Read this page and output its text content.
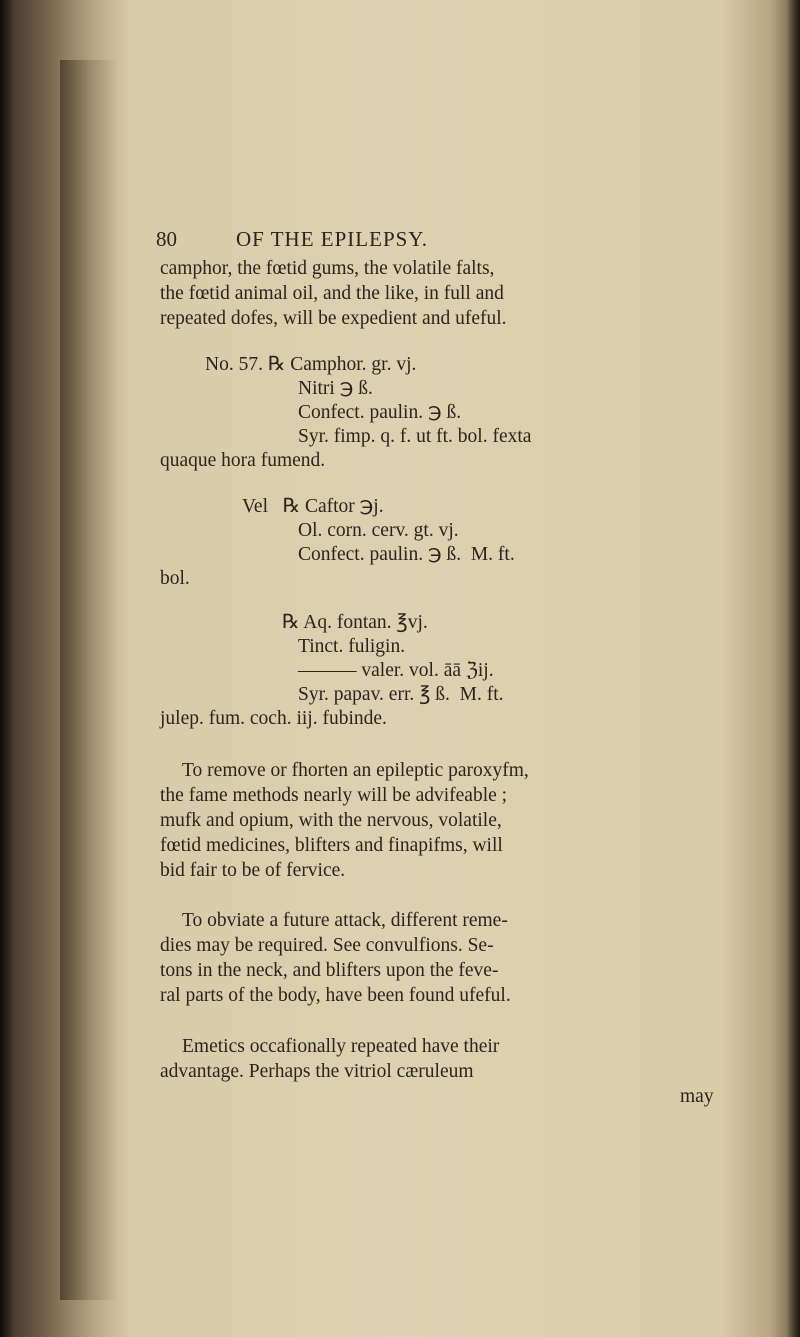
80	OF THE EPILEPSY.
camphor, the fœtid gums, the volatile falts,
the fœtid animal oil, and the like, in full and
repeated dofes, will be expedient and ufeful.
No. 57. ℞ Camphor. gr. vj.
Nitri ℈ ß.
Confect. paulin. ℈ ß.
Syr. fimp. q. f. ut ft. bol. fexta
quaque hora fumend.
Vel   ℞ Caftor ℈j.
Ol. corn. cerv. gt. vj.
Confect. paulin. ℈ ß.  M. ft.
bol.
℞ Aq. fontan. ℥vj.
Tinct. fuligin.
——— valer. vol. āā ℨij.
Syr. papav. err. ℥ ß.  M. ft.
julep. fum. coch. iij. fubinde.
To remove or fhorten an epileptic paroxyfm,
the fame methods nearly will be advifeable ;
mufk and opium, with the nervous, volatile,
fœtid medicines, blifters and finapifms, will
bid fair to be of fervice.
To obviate a future attack, different reme-
dies may be required. See convulfions. Se-
tons in the neck, and blifters upon the feve-
ral parts of the body, have been found ufeful.
Emetics occafionally repeated have their
advantage. Perhaps the vitriol cæruleum
may
